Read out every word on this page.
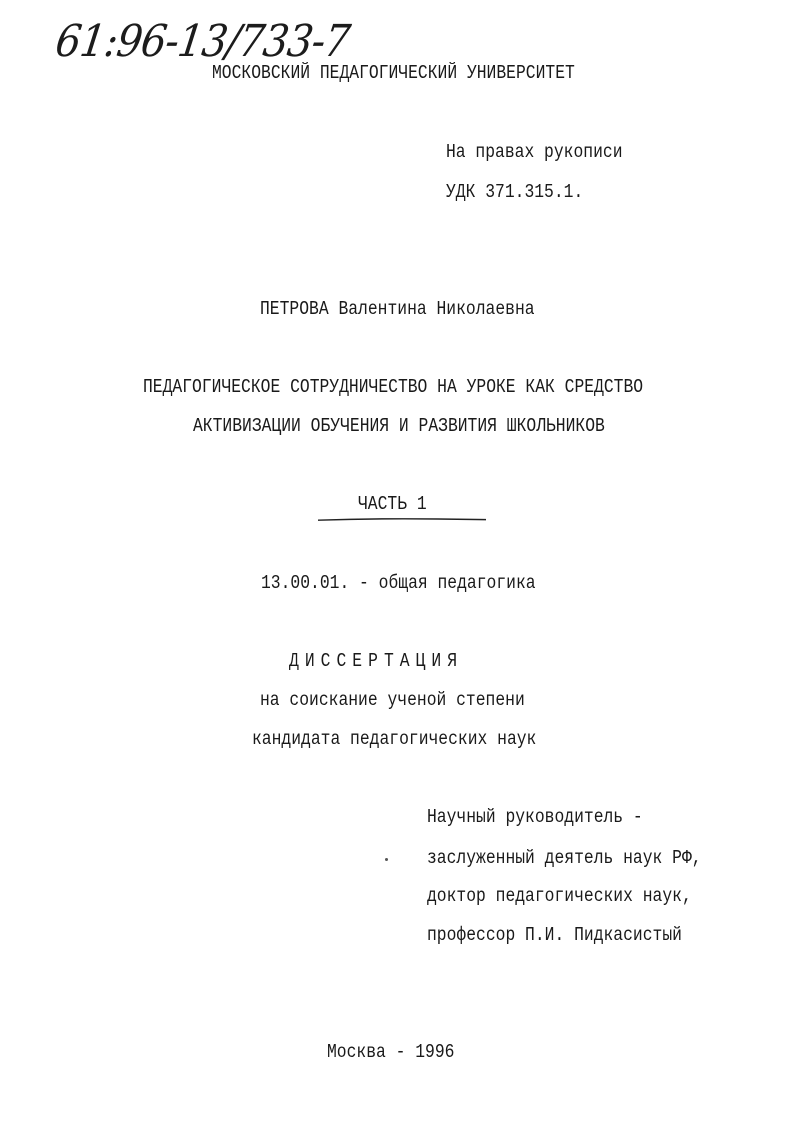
61:96-13/733-7
МОСКОВСКИЙ ПЕДАГОГИЧЕСКИЙ УНИВЕРСИТЕТ
На правах рукописи
УДК 371.315.1.
ПЕТРОВА Валентина Николаевна
ПЕДАГОГИЧЕСКОЕ СОТРУДНИЧЕСТВО НА УРОКЕ КАК СРЕДСТВО
АКТИВИЗАЦИИ ОБУЧЕНИЯ И РАЗВИТИЯ ШКОЛЬНИКОВ
ЧАСТЬ 1
13.00.01. - общая педагогика
ДИССЕРТАЦИЯ
на соискание ученой степени
кандидата педагогических наук
Научный руководитель -
заслуженный деятель наук РФ,
доктор педагогических наук,
профессор П.И. Пидкасистый
Москва - 1996
